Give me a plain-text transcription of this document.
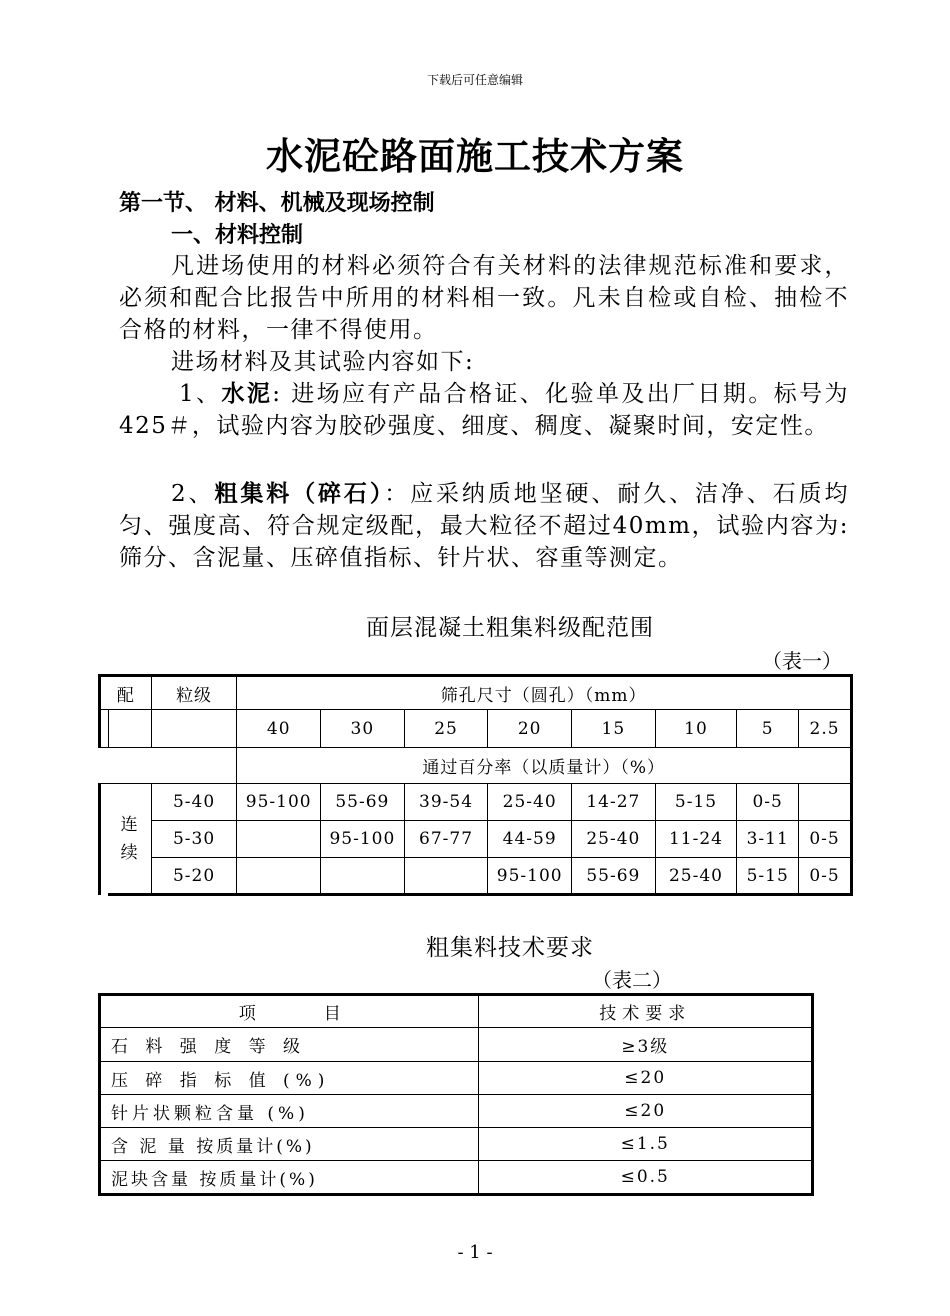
下载后可任意编辑
水泥砼路面施工技术方案
第一节、 材料、机械及现场控制
一、材料控制
凡进场使用的材料必须符合有关材料的法律规范标准和要求，必须和配合比报告中所用的材料相一致。凡未自检或自检、抽检不合格的材料，一律不得使用。
进场材料及其试验内容如下:
1、水泥: 进场应有产品合格证、化验单及出厂日期。标号为 425＃，试验内容为胶砂强度、细度、稠度、凝聚时间，安定性。
2、粗集料（碎石）：应采纳质地坚硬、耐久、洁净、石质均匀、强度高、符合规定级配，最大粒径不超过40mm，试验内容为: 筛分、含泥量、压碎值指标、针片状、容重等测定。
面层混凝土粗集料级配范围
（表一）
配		粒级	筛孔尺寸（圆孔）（mm）							
			40	30	25	20	15	10	5	2.5
			通过百分率（以质量计）（%）							
	连续	5-40	95-100	55-69	39-54	25-40	14-27	5-15	0-5	
		5-30		95-100	67-77	44-59	25-40	11-24	3-11	0-5
		5-20				95-100	55-69	25-40	5-15	0-5
粗集料技术要求
（表二）
项　　　　目	技术要求
石 料 强 度 等 级	≥3级
压 碎 指 标 值 (%)	≤20
针片状颗粒含量 (%)	≤20
含 泥 量 按质量计(%)	≤1.5
泥块含量 按质量计(%)	≤0.5
- 1 -
